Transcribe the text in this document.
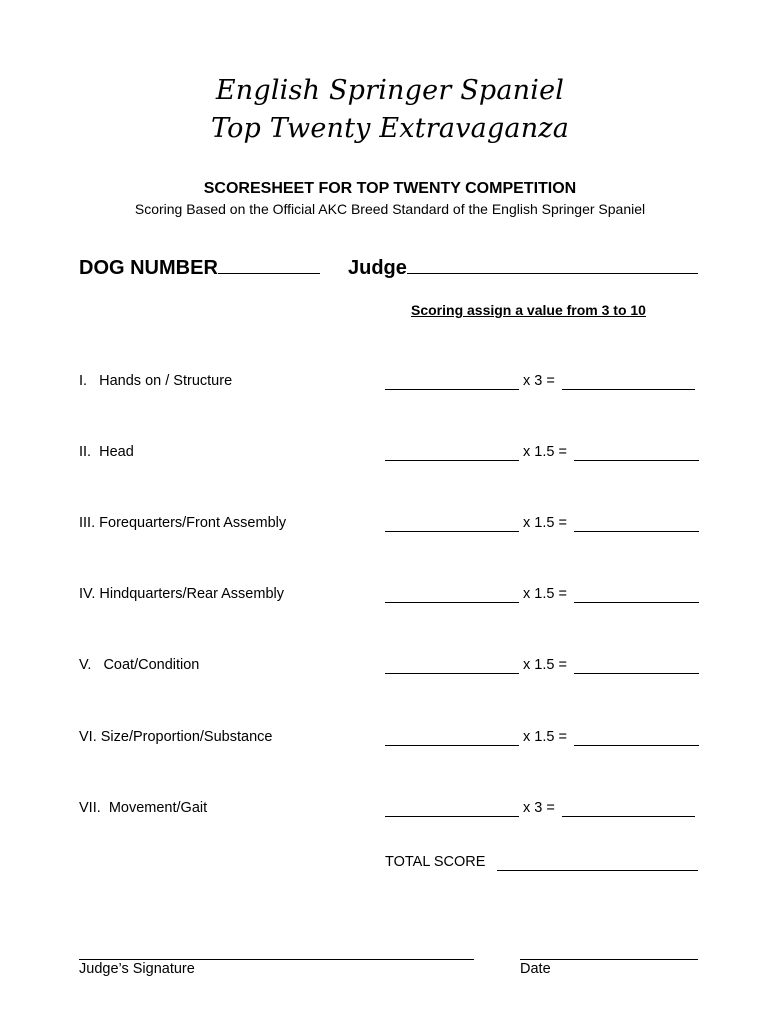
English Springer Spaniel
Top Twenty Extravaganza
SCORESHEET FOR TOP TWENTY COMPETITION
Scoring Based on the Official AKC Breed Standard of the English Springer Spaniel
DOG NUMBER	Judge
Scoring assign a value from 3 to 10
I.   Hands on / Structure	x 3 =
II.  Head	x 1.5 =
III. Forequarters/Front Assembly	x 1.5 =
IV. Hindquarters/Rear Assembly	x 1.5 =
V.   Coat/Condition	x 1.5 =
VI. Size/Proportion/Substance	x 1.5 =
VII.  Movement/Gait	x 3 =
TOTAL SCORE
Judge’s Signature	Date
